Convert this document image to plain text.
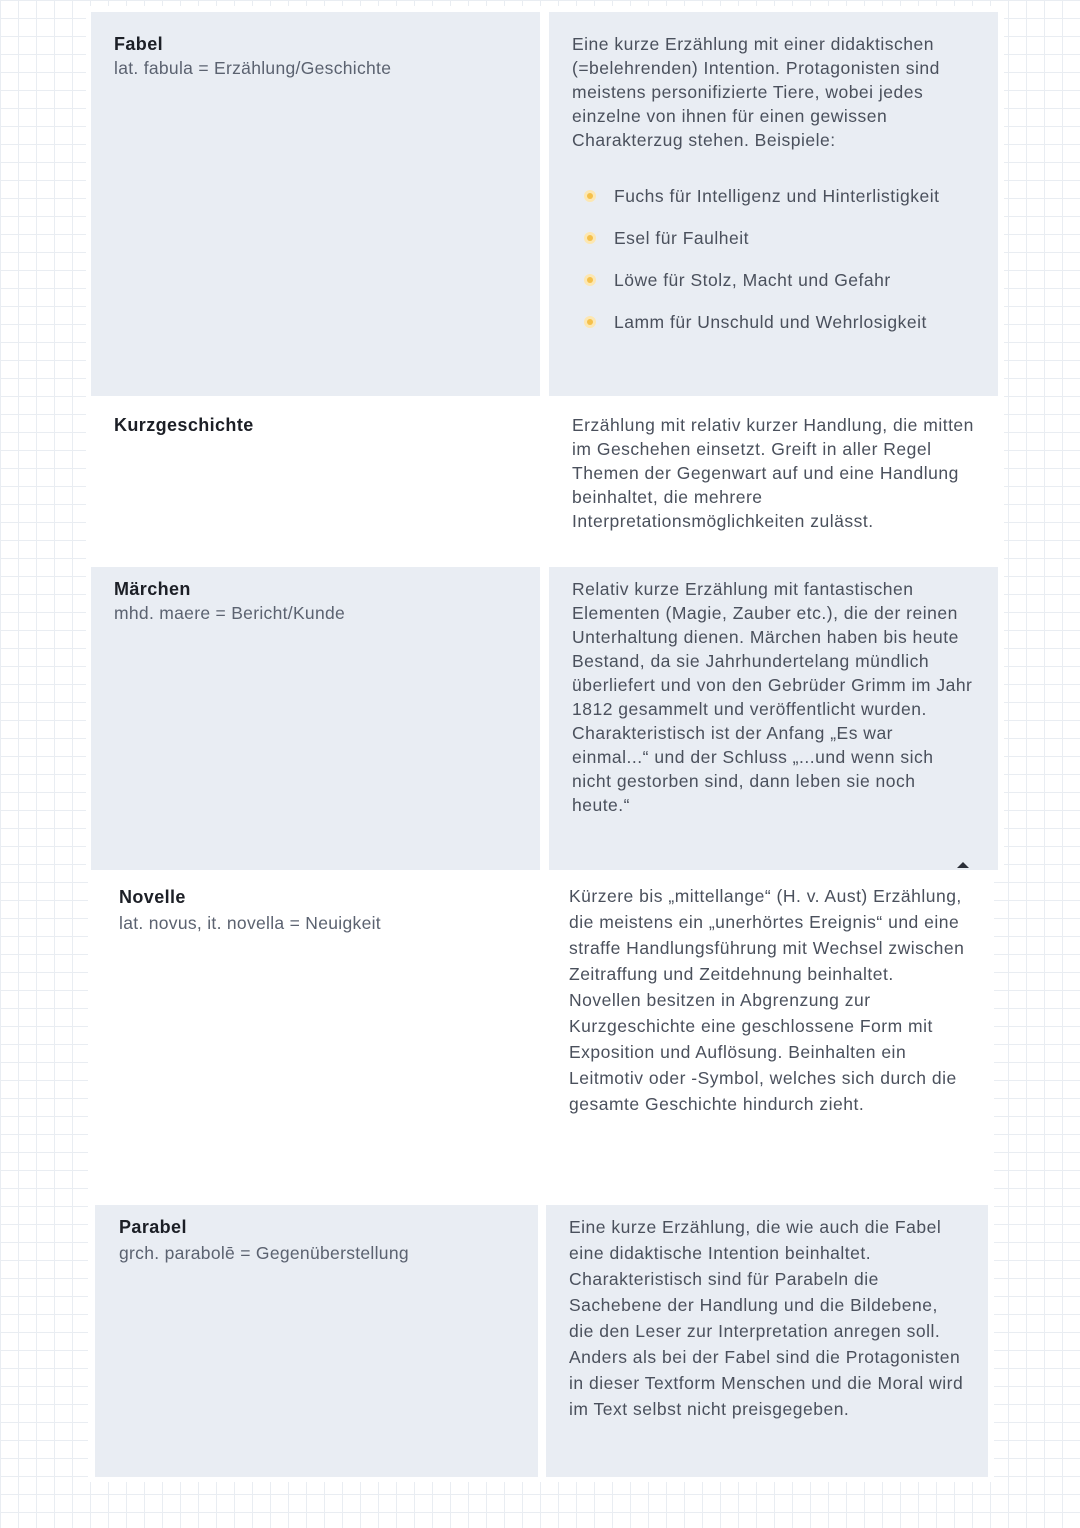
Fabel
lat. fabula = Erzählung/Geschichte
Eine kurze Erzählung mit einer didaktischen (=belehrenden) Intention. Protagonisten sind meistens personifizierte Tiere, wobei jedes einzelne von ihnen für einen gewissen Charakterzug stehen. Beispiele:
Fuchs für Intelligenz und Hinterlistigkeit
Esel für Faulheit
Löwe für Stolz, Macht und Gefahr
Lamm für Unschuld und Wehrlosigkeit
Kurzgeschichte	Erzählung mit relativ kurzer Handlung, die mitten im Geschehen einsetzt. Greift in aller Regel Themen der Gegenwart auf und eine Handlung beinhaltet, die mehrere Interpretationsmöglichkeiten zulässt.
Märchen
mhd. maere = Bericht/Kunde
Relativ kurze Erzählung mit fantastischen Elementen (Magie, Zauber etc.), die der reinen Unterhaltung dienen. Märchen haben bis heute Bestand, da sie Jahrhundertelang mündlich überliefert und von den Gebrüder Grimm im Jahr 1812 gesammelt und veröffentlicht wurden. Charakteristisch ist der Anfang „Es war einmal...“ und der Schluss „...und wenn sich nicht gestorben sind, dann leben sie noch heute.“
Novelle
lat. novus, it. novella = Neuigkeit
Kürzere bis „mittellange“ (H. v. Aust) Erzählung, die meistens ein „unerhörtes Ereignis“ und eine straffe Handlungsführung mit Wechsel zwischen Zeitraffung und Zeitdehnung beinhaltet. Novellen besitzen in Abgrenzung zur Kurzgeschichte eine geschlossene Form mit Exposition und Auflösung. Beinhalten ein Leitmotiv oder -Symbol, welches sich durch die gesamte Geschichte hindurch zieht.
Parabel
grch. parabolē = Gegenüberstellung
Eine kurze Erzählung, die wie auch die Fabel eine didaktische Intention beinhaltet. Charakteristisch sind für Parabeln die Sachebene der Handlung und die Bildebene, die den Leser zur Interpretation anregen soll. Anders als bei der Fabel sind die Protagonisten in dieser Textform Menschen und die Moral wird im Text selbst nicht preisgegeben.
